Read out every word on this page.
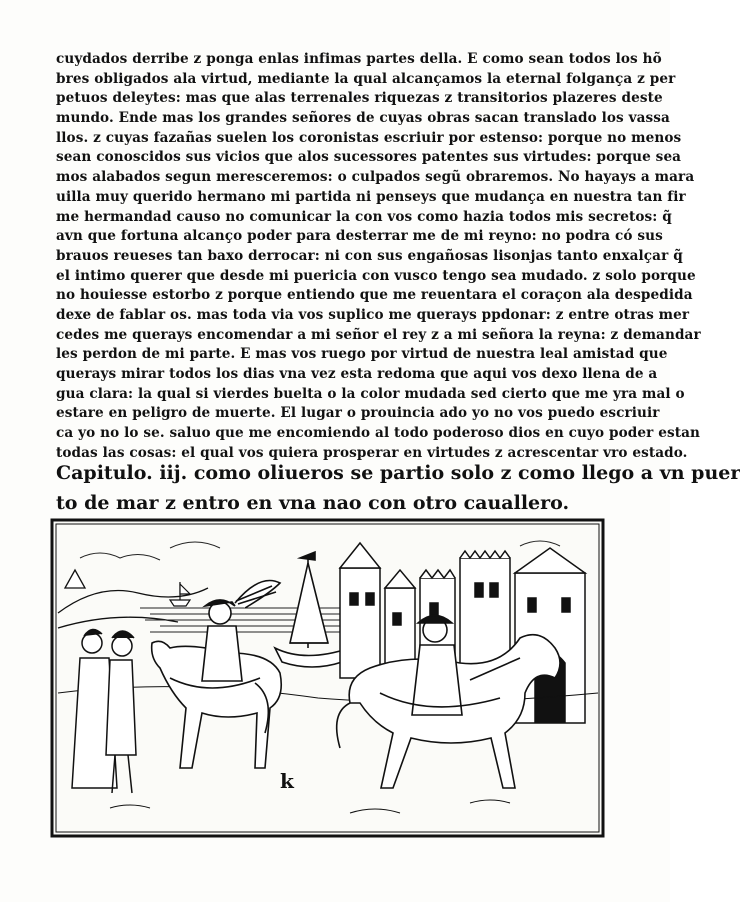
cuydados derribe z ponga enlas infimas partes della. E como sean todos los hõ
bres obligados ala virtud, mediante la qual alcançamos la eternal folgança z per
petuos deleytes: mas que alas terrenales riquezas z transitorios plazeres deste
mundo. Ende mas los grandes señores de cuyas obras sacan translado los vassa
llos. z cuyas fazañas suelen los coronistas escriuir por estenso: porque no menos
sean conoscidos sus vicios que alos sucessores patentes sus virtudes: porque sea
mos alabados segun meresceremos: o culpados segũ obraremos. No hayays a mara
uilla muy querido hermano mi partida ni penseys que mudança en nuestra tan fir
me hermandad causo no comunicar la con vos como hazia todos mis secretos: q̃
avn que fortuna alcanço poder para desterrar me de mi reyno: no podra có sus
brauos reueses tan baxo derrocar: ni con sus engañosas lisonjas tanto enxalçar q̃
el intimo querer que desde mi puericia con vusco tengo sea mudado. z solo porque
no houiesse estorbo z porque entiendo que me reuentara el coraçon ala despedida
dexe de fablar os. mas toda via vos suplico me querays ppdonar: z entre otras mer
cedes me querays encomendar a mi señor el rey z a mi señora la reyna: z demandar
les perdon de mi parte. E mas vos ruego por virtud de nuestra leal amistad que
querays mirar todos los dias vna vez esta redoma que aqui vos dexo llena de a
gua clara: la qual si vierdes buelta o la color mudada sed cierto que me yra mal o
estare en peligro de muerte. El lugar o prouincia ado yo no vos puedo escriuir
ca yo no lo se. saluo que me encomiendo al todo poderoso dios en cuyo poder estan
todas las cosas: el qual vos quiera prosperar en virtudes z acrescentar vro estado.
Capitulo. iij. como oliueros se partio solo z como llego a vn puer
to de mar z entro en vna nao con otro cauallero.
k
